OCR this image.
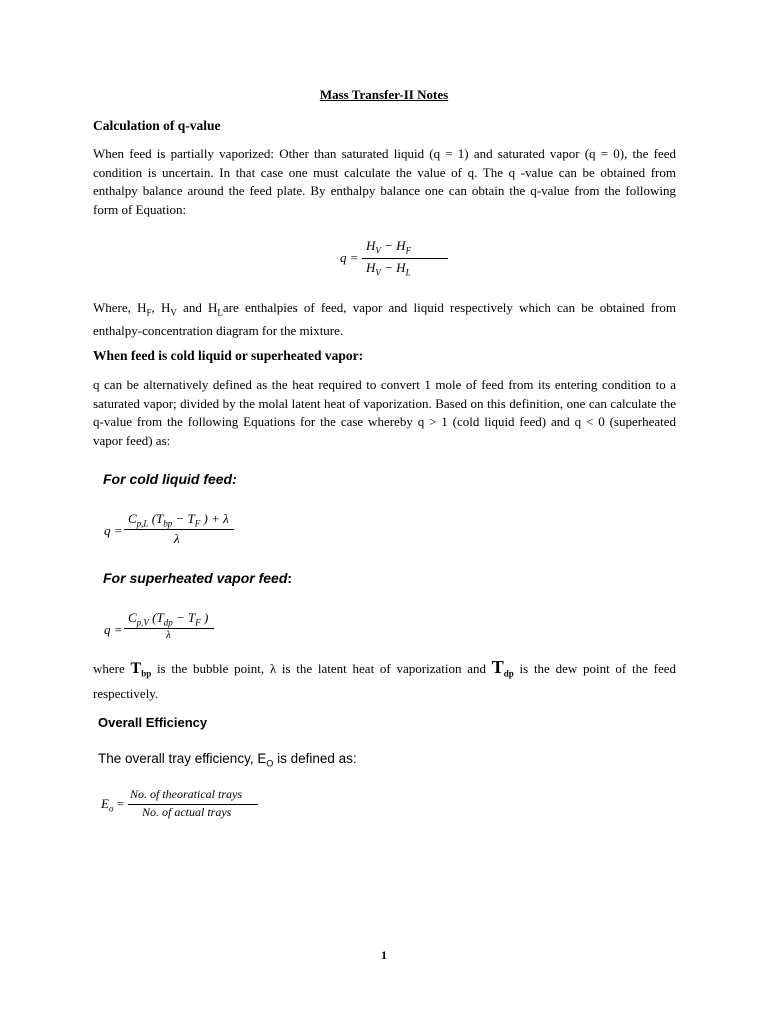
Mass Transfer-II Notes
Calculation of q-value
When feed is partially vaporized: Other than saturated liquid (q = 1) and saturated vapor (q = 0), the feed condition is uncertain. In that case one must calculate the value of q. The q -value can be obtained from enthalpy balance around the feed plate. By enthalpy balance one can obtain the q-value from the following form of Equation:
q =
$H_V - H_F$
$H_V - H_L$
Where, $H_F$, $H_V$ and $H_Lare$ enthalpies of feed, vapor and liquid respectively which can be obtained from enthalpy-concentration diagram for the mixture.
When feed is cold liquid or superheated vapor:
q can be alternatively defined as the heat required to convert 1 mole of feed from its entering condition to a saturated vapor; divided by the molal latent heat of vaporization. Based on this definition, one can calculate the q-value from the following Equations for the case whereby q > 1 (cold liquid feed) and q < 0 (superheated vapor feed) as:
For cold liquid feed:
q =
$C_{p,L}$ ($T_{bp} - T_F$ ) + λ
λ
For superheated vapor feed:
q =
$C_{p,V}$ ($T_{dp} - T_F$ )
λ
where $T_{bp}$ is the bubble point, λ is the latent heat of vaporization and $T_{dp}$ is the dew point of the feed respectively.
Overall Efficiency
The overall tray efficiency, $E_O$ is defined as:
$E_o$ =
No. of theoratical trays
No. of actual trays
1
